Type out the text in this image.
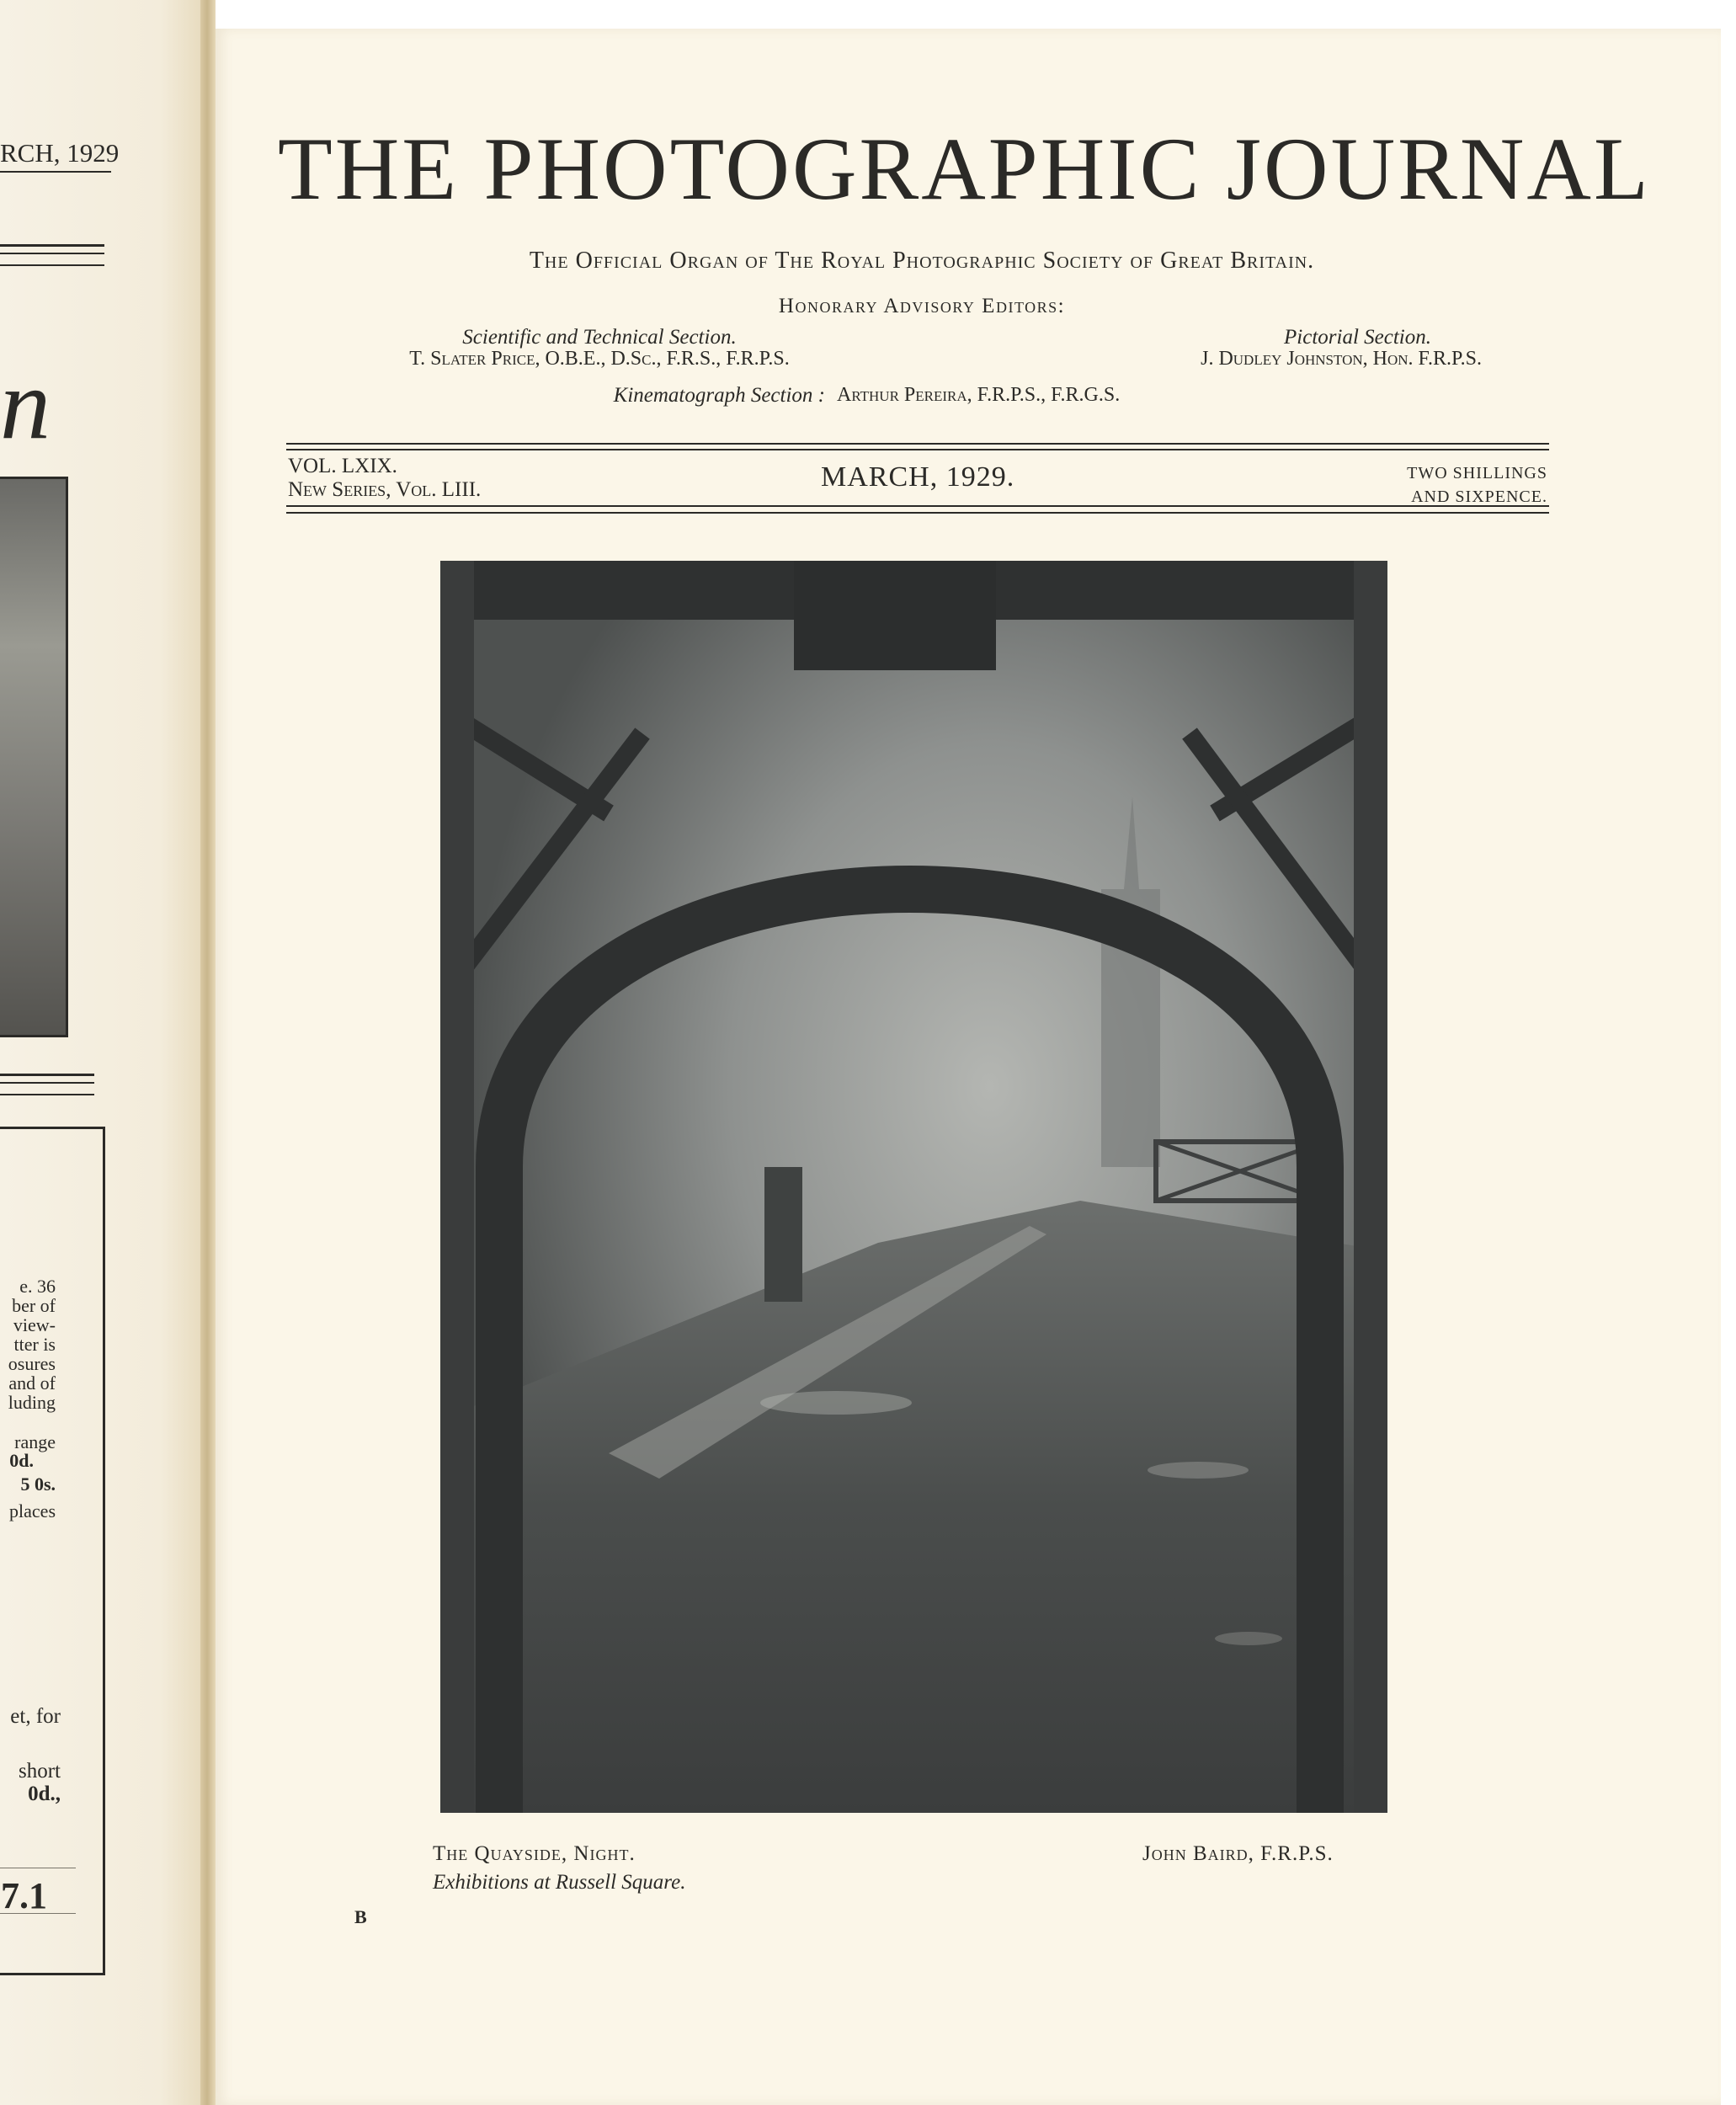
RCH, 1929
n
e. 36
ber of
view-
tter is
osures
and of
luding
range
0d.
5 0s.
places
et, for
short
0d.,
7.1
THE PHOTOGRAPHIC JOURNAL
The Official Organ of The Royal Photographic Society of Great Britain.
Honorary Advisory Editors:
Scientific and Technical Section.
T. Slater Price, O.B.E., D.Sc., F.R.S., F.R.P.S.
Pictorial Section.
J. Dudley Johnston, Hon. F.R.P.S.
Kinematograph Section : Arthur Pereira, F.R.P.S., F.R.G.S.
VOL. LXIX.
New Series, Vol. LIII.	MARCH, 1929.	TWO SHILLINGS
AND SIXPENCE.
The Quayside, Night.
Exhibitions at Russell Square.
John Baird, F.R.P.S.
B
